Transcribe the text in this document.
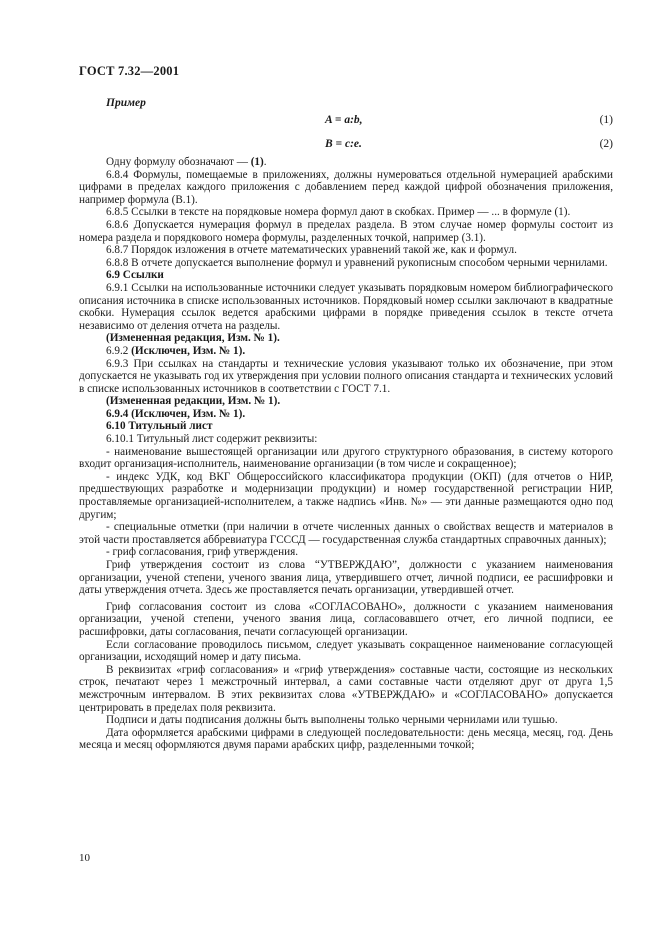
ГОСТ 7.32—2001
Пример
A = a:b,	(1)
B = c:e.	(2)

Одну формулу обозначают — (1).

6.8.4 Формулы, помещаемые в приложениях, должны нумероваться отдельной нумерацией арабскими цифрами в пределах каждого приложения с добавлением перед каждой цифрой обозначения приложения, например формула (В.1).

6.8.5 Ссылки в тексте на порядковые номера формул дают в скобках. Пример — ... в формуле (1).

6.8.6 Допускается нумерация формул в пределах раздела. В этом случае номер формулы состоит из номера раздела и порядкового номера формулы, разделенных точкой, например (3.1).

6.8.7 Порядок изложения в отчете математических уравнений такой же, как и формул.

6.8.8 В отчете допускается выполнение формул и уравнений рукописным способом черными чернилами.

6.9 Ссылки

6.9.1 Ссылки на использованные источники следует указывать порядковым номером библиографического описания источника в списке использованных источников. Порядковый номер ссылки заключают в квадратные скобки. Нумерация ссылок ведется арабскими цифрами в порядке приведения ссылок в тексте отчета независимо от деления отчета на разделы.

(Измененная редакция, Изм. № 1).

6.9.2 (Исключен, Изм. № 1).

6.9.3 При ссылках на стандарты и технические условия указывают только их обозначение, при этом допускается не указывать год их утверждения при условии полного описания стандарта и технических условий в списке использованных источников в соответствии с ГОСТ 7.1.

(Измененная редакции, Изм. № 1).

6.9.4 (Исключен, Изм. № 1).

6.10 Титульный лист

6.10.1 Титульный лист содержит реквизиты:

- наименование вышестоящей организации или другого структурного образования, в систему которого входит организация-исполнитель, наименование организации (в том числе и сокращенное);

- индекс УДК, код ВКГ Общероссийского классификатора продукции (ОКП) (для отчетов о НИР, предшествующих разработке и модернизации продукции) и номер государственной регистрации НИР, проставляемые организацией-исполнителем, а также надпись «Инв. №» — эти данные размещаются одно под другим;

- специальные отметки (при наличии в отчете численных данных о свойствах веществ и материалов в этой части проставляется аббревиатура ГСССД — государственная служба стандартных справочных данных);

- гриф согласования, гриф утверждения.

Гриф утверждения состоит из слова “УТВЕРЖДАЮ”, должности с указанием наименования организации, ученой степени, ученого звания лица, утвердившего отчет, личной подписи, ее расшифровки и даты утверждения отчета. Здесь же проставляется печать организации, утвердившей отчет.

Гриф согласования состоит из слова «СОГЛАСОВАНО», должности с указанием наименования организации, ученой степени, ученого звания лица, согласовавшего отчет, его личной подписи, ее расшифровки, даты согласования, печати согласующей организации.

Если согласование проводилось письмом, следует указывать сокращенное наименование согласующей организации, исходящий номер и дату письма.

В реквизитах «гриф согласования» и «гриф утверждения» составные части, состоящие из нескольких строк, печатают через 1 межстрочный интервал, а сами составные части отделяют друг от друга 1,5 межстрочным интервалом. В этих реквизитах слова «УТВЕРЖДАЮ» и «СОГЛАСОВАНО» допускается центрировать в пределах поля реквизита.

Подписи и даты подписания должны быть выполнены только черными чернилами или тушью.

Дата оформляется арабскими цифрами в следующей последовательности: день месяца, месяц, год. День месяца и месяц оформляются двумя парами арабских цифр, разделенными точкой;

10
